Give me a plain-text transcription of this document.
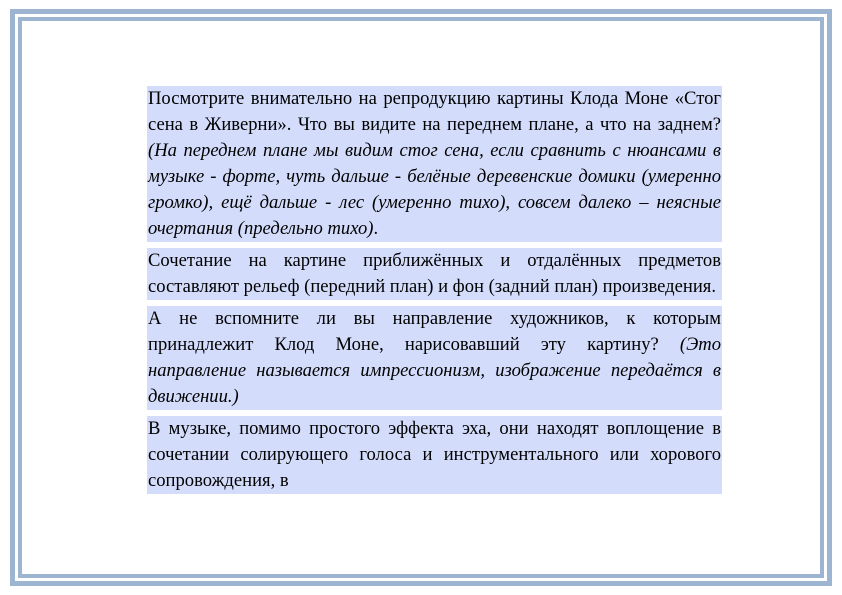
Посмотрите внимательно на репродукцию картины Клода Моне «Стог сена в Живерни». Что вы видите на переднем плане, а что на заднем? (На переднем плане мы видим стог сена, если сравнить с нюансами в музыке - форте, чуть дальше - белёные деревенские домики (умеренно громко), ещё дальше - лес (умеренно тихо), совсем далеко – неясные очертания (предельно тихо).

Сочетание на картине приближённых и отдалённых предметов составляют рельеф (передний план) и фон (задний план) произведения.

А не вспомните ли вы направление художников, к которым принадлежит Клод Моне, нарисовавший эту картину? (Это направление называется импрессионизм, изображение передаётся в движении.)

В музыке, помимо простого эффекта эха, они находят воплощение в сочетании солирующего голоса и инструментального или хорового сопровождения, в
